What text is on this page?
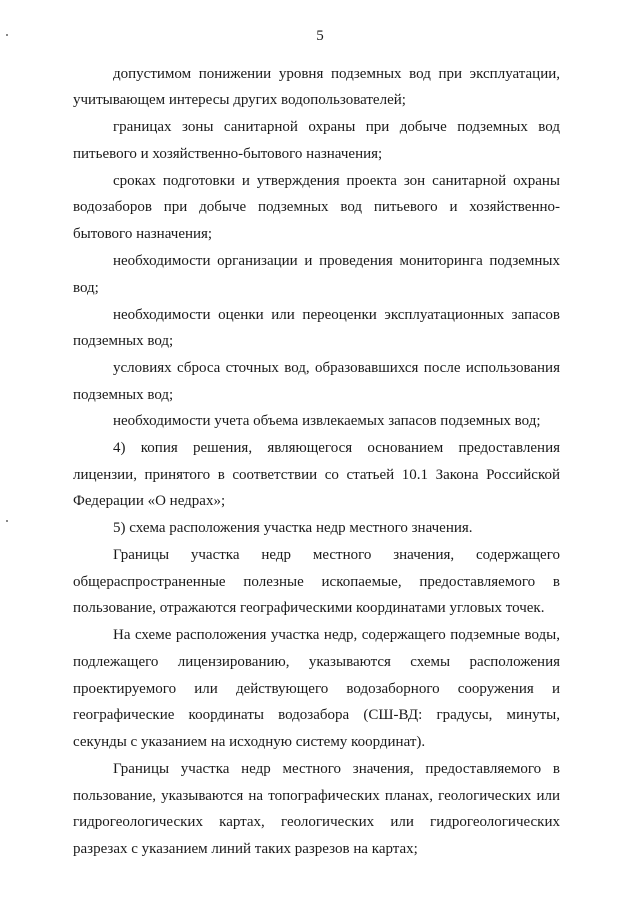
5
допустимом понижении уровня подземных вод при эксплуатации,
учитывающем интересы других водопользователей;
границах зоны санитарной охраны при добыче подземных вод
питьевого и хозяйственно-бытового назначения;
сроках подготовки и утверждения проекта зон санитарной охраны
водозаборов при добыче подземных вод питьевого и хозяйственно-
бытового назначения;
необходимости организации и проведения мониторинга подземных
вод;
необходимости оценки или переоценки эксплуатационных запасов
подземных вод;
условиях сброса сточных вод, образовавшихся после использования
подземных вод;
необходимости учета объема извлекаемых запасов подземных вод;
4) копия решения, являющегося основанием предоставления
лицензии, принятого в соответствии со статьей 10.1 Закона Российской
Федерации «О недрах»;
5) схема расположения участка недр местного значения.
Границы участка недр местного значения, содержащего
общераспространенные полезные ископаемые, предоставляемого в
пользование, отражаются географическими координатами угловых точек.
На схеме расположения участка недр, содержащего подземные воды,
подлежащего лицензированию, указываются схемы расположения
проектируемого или действующего водозаборного сооружения и
географические координаты водозабора (СШ-ВД: градусы, минуты,
секунды с указанием на исходную систему координат).
Границы участка недр местного значения, предоставляемого в
пользование, указываются на топографических планах, геологических или
гидрогеологических картах, геологических или гидрогеологических
разрезах с указанием линий таких разрезов на картах;
